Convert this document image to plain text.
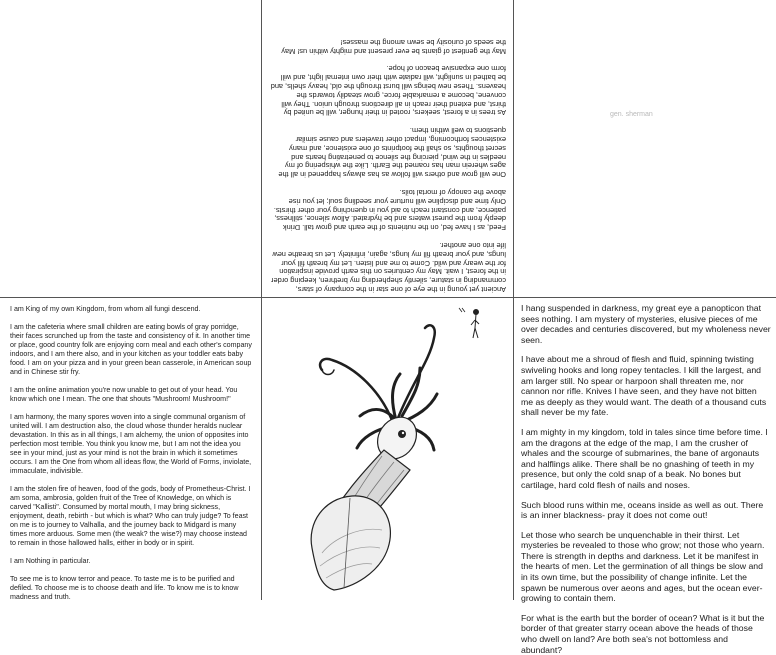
Ancient yet young in the eye of one star in the company of stars, commanding in stature, silently shepherding my brethren, keeping order in the forest, I wait. May my centuries on this earth provide inspiration for the weary and wild. Come to me and listen. Let my breath fill your lungs, and your breath fill my lungs, again, infinitely. Let us breathe new life into one another.

Feed, as I have fed, on the nutrients of the earth and grow tall. Drink deeply from the purest waters and be hydrated. Allow silence, stillness, patience, and constant reach to aid you in quenching your other thirsts. Only time and discipline will nurture your seedling soul; let you rise above the canopy of mortal toils.

One will grow and others will follow as has always happened in all the ages wherein man has roamed the Earth. Like the whispering of my needles in the wind, piercing the silence to penetrating hearts and secret thoughts, so shall the footprints of one existence, and many existences forthcoming, impact other travelers and cause similar questions to well within them.

As trees in a forest, seekers, rooted in their hunger, will be united by thirst, and extend their reach in all directions through union. They will convene, become a remarkable force, grow steadily towards the heavens. These new beings will burst through the old, heavy shells, and be bathed in sunlight, will radiate with their own internal light, and will form one expansive beacon of hope.

May the gentlest of giants be ever present and mighty within us! May the seeds of curiosity be sewn among the masses!

gen. sherman

I am King of my own Kingdom, from whom all fungi descend.

I am the cafeteria where small children are eating bowls of gray porridge, their faces scrunched up from the taste and consistency of it. In another time or place, good country folk are enjoying corn meal and each other's company indoors, and I am there also, and in your kitchen as your toddler eats baby food. I am on your pizza and in your green bean casserole, in American soup and in Chinese stir fry.

I am the online animation you're now unable to get out of your head. You know which one I mean. The one that shouts "Mushroom! Mushroom!"

I am harmony, the many spores woven into a single communal organism of united will. I am destruction also, the cloud whose thunder heralds nuclear devastation. In this as in all things, I am alchemy, the union of opposites into perfection most terrible. You think you know me, but I am not the idea you see in your mind, just as your mind is not the brain in which it sometimes occurs. I am the One from whom all ideas flow, the World of Forms, inviolate, immaculate, indivisible.

I am the stolen fire of heaven, food of the gods, body of Prometheus-Christ. I am soma, ambrosia, golden fruit of the Tree of Knowledge, on which is carved "Kallisti". Consumed by mortal mouth, I may bring sickness, enjoyment, death, rebirth - but which is what? Who can truly judge? To feast on me is to journey to Valhalla, and the journey back to Midgard is many times more arduous. Some men (the weak? the wise?) may choose instead to remain in those hallowed halls, either in body or in spirit.

I am Nothing in particular.

To see me is to know terror and peace. To taste me is to be purified and defiled. To choose me is to choose death and life. To know me is to know madness and truth.

I hang suspended in darkness, my great eye a panopticon that sees nothing. I am mystery of mysteries, elusive pieces of me over decades and centuries discovered, but my wholeness never seen.

I have about me a shroud of flesh and fluid, spinning twisting swiveling hooks and long ropey tentacles. I kill the largest, and am larger still. No spear or harpoon shall threaten me, nor cannon nor rifle. Knives I have seen, and they have not bitten me as deeply as they would want. The death of a thousand cuts shall never be my fate.

I am mighty in my kingdom, told in tales since time before time. I am the dragons at the edge of the map, I am the crusher of whales and the scourge of submarines, the bane of argonauts and halflings alike. There shall be no gnashing of teeth in my presence, but only the cold snap of a beak. No bones but cartilage, hard cold flesh of nails and noses.

Such blood runs within me, oceans inside as well as out. There is an inner blackness- pray it does not come out!

Let those who search be unquenchable in their thirst. Let mysteries be revealed to those who grow; not those who yearn. There is strength in depths and darkness. Let it be manifest in the hearts of men. Let the germination of all things be slow and in its own time, but the possibility of change infinite. Let the spawn be numerous over aeons and ages, but the ocean ever-growing to contain them.

For what is the earth but the border of ocean? What is it but the border of that greater starry ocean above the heads of those who dwell on land? Are both sea's not bottomless and abundant?
